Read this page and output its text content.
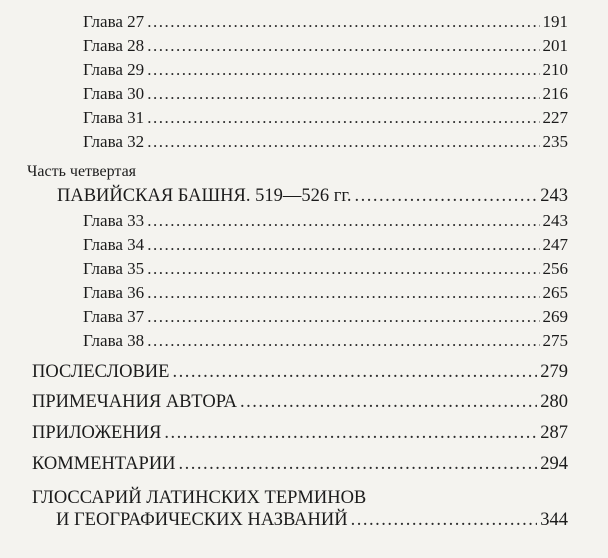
Глава 27 .....	191
Глава 28 .....	201
Глава 29 .....	210
Глава 30 .....	216
Глава 31 .....	227
Глава 32 .....	235
Часть четвертая
ПАВИЙСКАЯ БАШНЯ. 519—526 гг. .....	243
Глава 33 .....	243
Глава 34 .....	247
Глава 35 .....	256
Глава 36 .....	265
Глава 37 .....	269
Глава 38 .....	275
ПОСЛЕСЛОВИЕ .....	279
ПРИМЕЧАНИЯ АВТОРА .....	280
ПРИЛОЖЕНИЯ .....	287
КОММЕНТАРИИ .....	294
ГЛОССАРИЙ ЛАТИНСКИХ ТЕРМИНОВ
И ГЕОГРАФИЧЕСКИХ НАЗВАНИЙ .....	344
